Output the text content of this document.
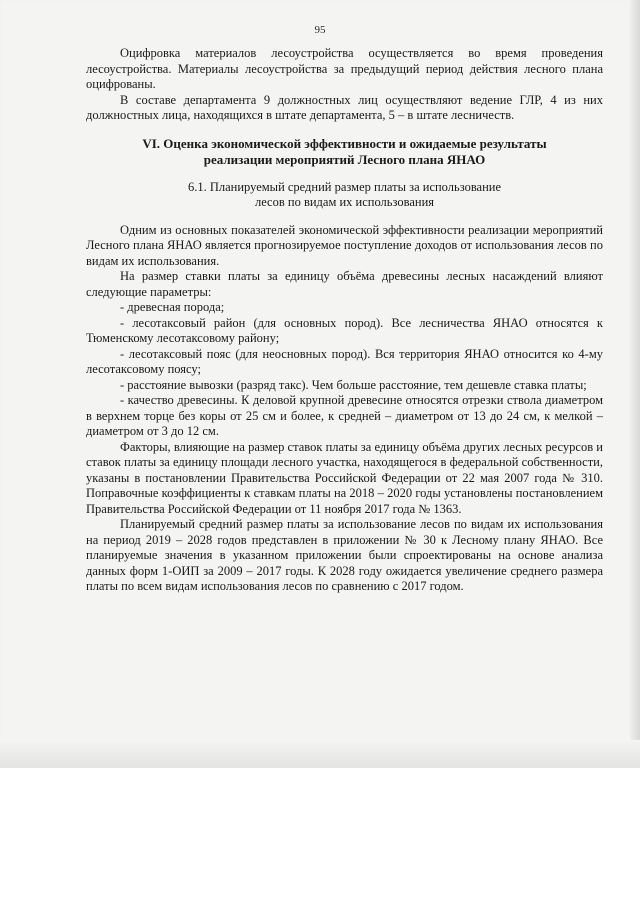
95

Оцифровка материалов лесоустройства осуществляется во время проведения лесоустройства. Материалы лесоустройства за предыдущий период действия лесного плана оцифрованы.

В составе департамента 9 должностных лиц осуществляют ведение ГЛР, 4 из них должностных лица, находящихся в штате департамента, 5 – в штате лесничеств.

VI. Оценка экономической эффективности и ожидаемые результаты
реализации мероприятий Лесного плана ЯНАО
6.1. Планируемый средний размер платы за использование
лесов по видам их использования

Одним из основных показателей экономической эффективности реализации мероприятий Лесного плана ЯНАО является прогнозируемое поступление доходов от использования лесов по видам их использования.

На размер ставки платы за единицу объёма древесины лесных насаждений влияют следующие параметры:

- древесная порода;

- лесотаксовый район (для основных пород). Все лесничества ЯНАО относятся к Тюменскому лесотаксовому району;

- лесотаксовый пояс (для неосновных пород). Вся территория ЯНАО относится ко 4-му лесотаксовому поясу;

- расстояние вывозки (разряд такс). Чем больше расстояние, тем дешевле ставка платы;

- качество древесины. К деловой крупной древесине относятся отрезки ствола диаметром в верхнем торце без коры от 25 см и более, к средней – диаметром от 13 до 24 см, к мелкой – диаметром от 3 до 12 см.

Факторы, влияющие на размер ставок платы за единицу объёма других лесных ресурсов и ставок платы за единицу площади лесного участка, находящегося в федеральной собственности, указаны в постановлении Правительства Российской Федерации от 22 мая 2007 года № 310. Поправочные коэффициенты к ставкам платы на 2018 – 2020 годы установлены постановлением Правительства Российской Федерации от 11 ноября 2017 года № 1363.

Планируемый средний размер платы за использование лесов по видам их использования на период 2019 – 2028 годов представлен в приложении № 30 к Лесному плану ЯНАО. Все планируемые значения в указанном приложении были спроектированы на основе анализа данных форм 1-ОИП за 2009 – 2017 годы. К 2028 году ожидается увеличение среднего размера платы по всем видам использования лесов по сравнению с 2017 годом.
